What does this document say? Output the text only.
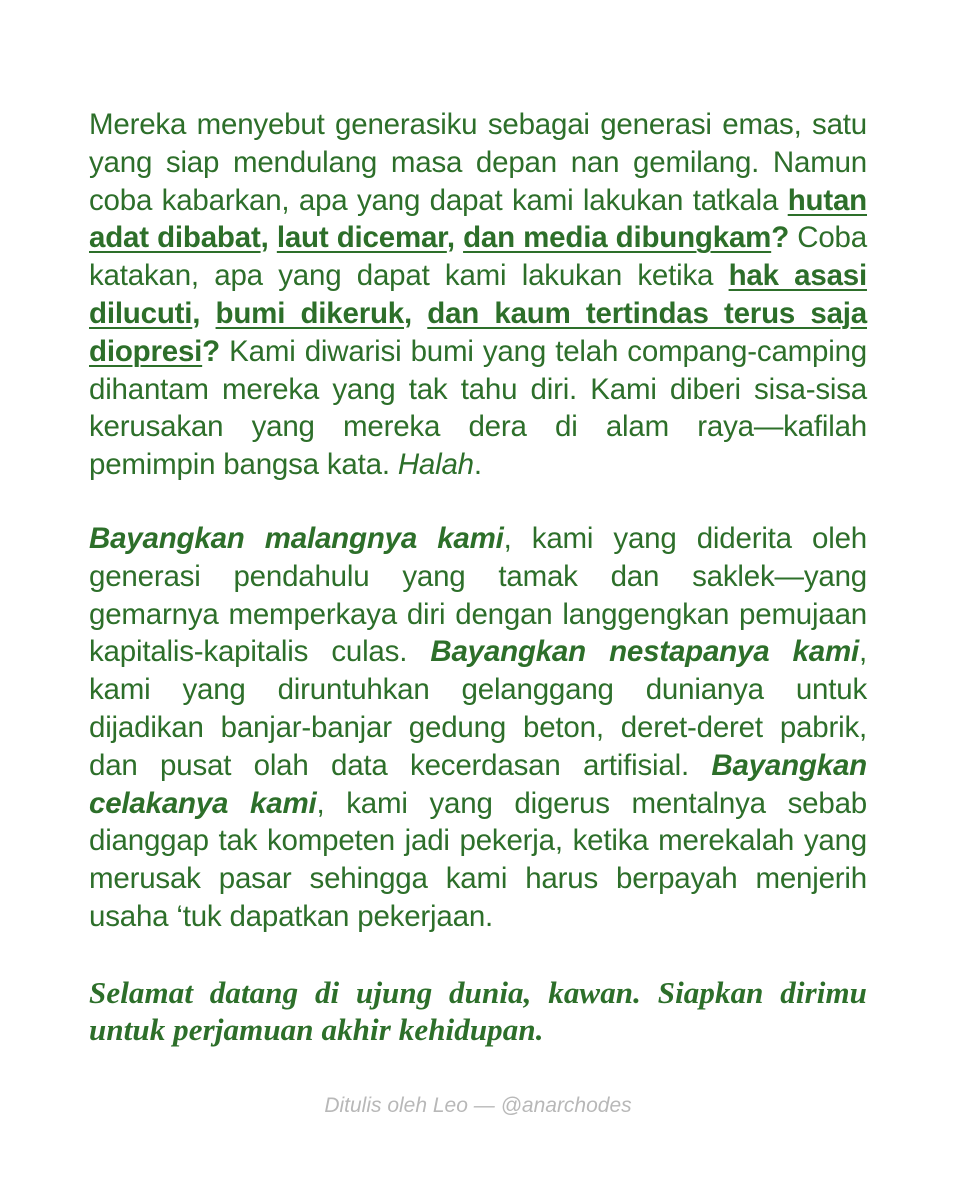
Mereka menyebut generasiku sebagai generasi emas, satu yang siap mendulang masa depan nan gemilang. Namun coba kabarkan, apa yang dapat kami lakukan tatkala hutan adat dibabat, laut dicemar, dan media dibungkam? Coba katakan, apa yang dapat kami lakukan ketika hak asasi dilucuti, bumi dikeruk, dan kaum tertindas terus saja diopresi? Kami diwarisi bumi yang telah compang-camping dihantam mereka yang tak tahu diri. Kami diberi sisa-sisa kerusakan yang mereka dera di alam raya—kafilah pemimpin bangsa kata. Halah.

Bayangkan malangnya kami, kami yang diderita oleh generasi pendahulu yang tamak dan saklek—yang gemarnya memperkaya diri dengan langgengkan pemujaan kapitalis-kapitalis culas. Bayangkan nestapanya kami, kami yang diruntuhkan gelanggang dunianya untuk dijadikan banjar-banjar gedung beton, deret-deret pabrik, dan pusat olah data kecerdasan artifisial. Bayangkan celakanya kami, kami yang digerus mentalnya sebab dianggap tak kompeten jadi pekerja, ketika merekalah yang merusak pasar sehingga kami harus berpayah menjerih usaha ‘tuk dapatkan pekerjaan.

Selamat datang di ujung dunia, kawan. Siapkan dirimu untuk perjamuan akhir kehidupan.

Ditulis oleh Leo — @anarchodes
